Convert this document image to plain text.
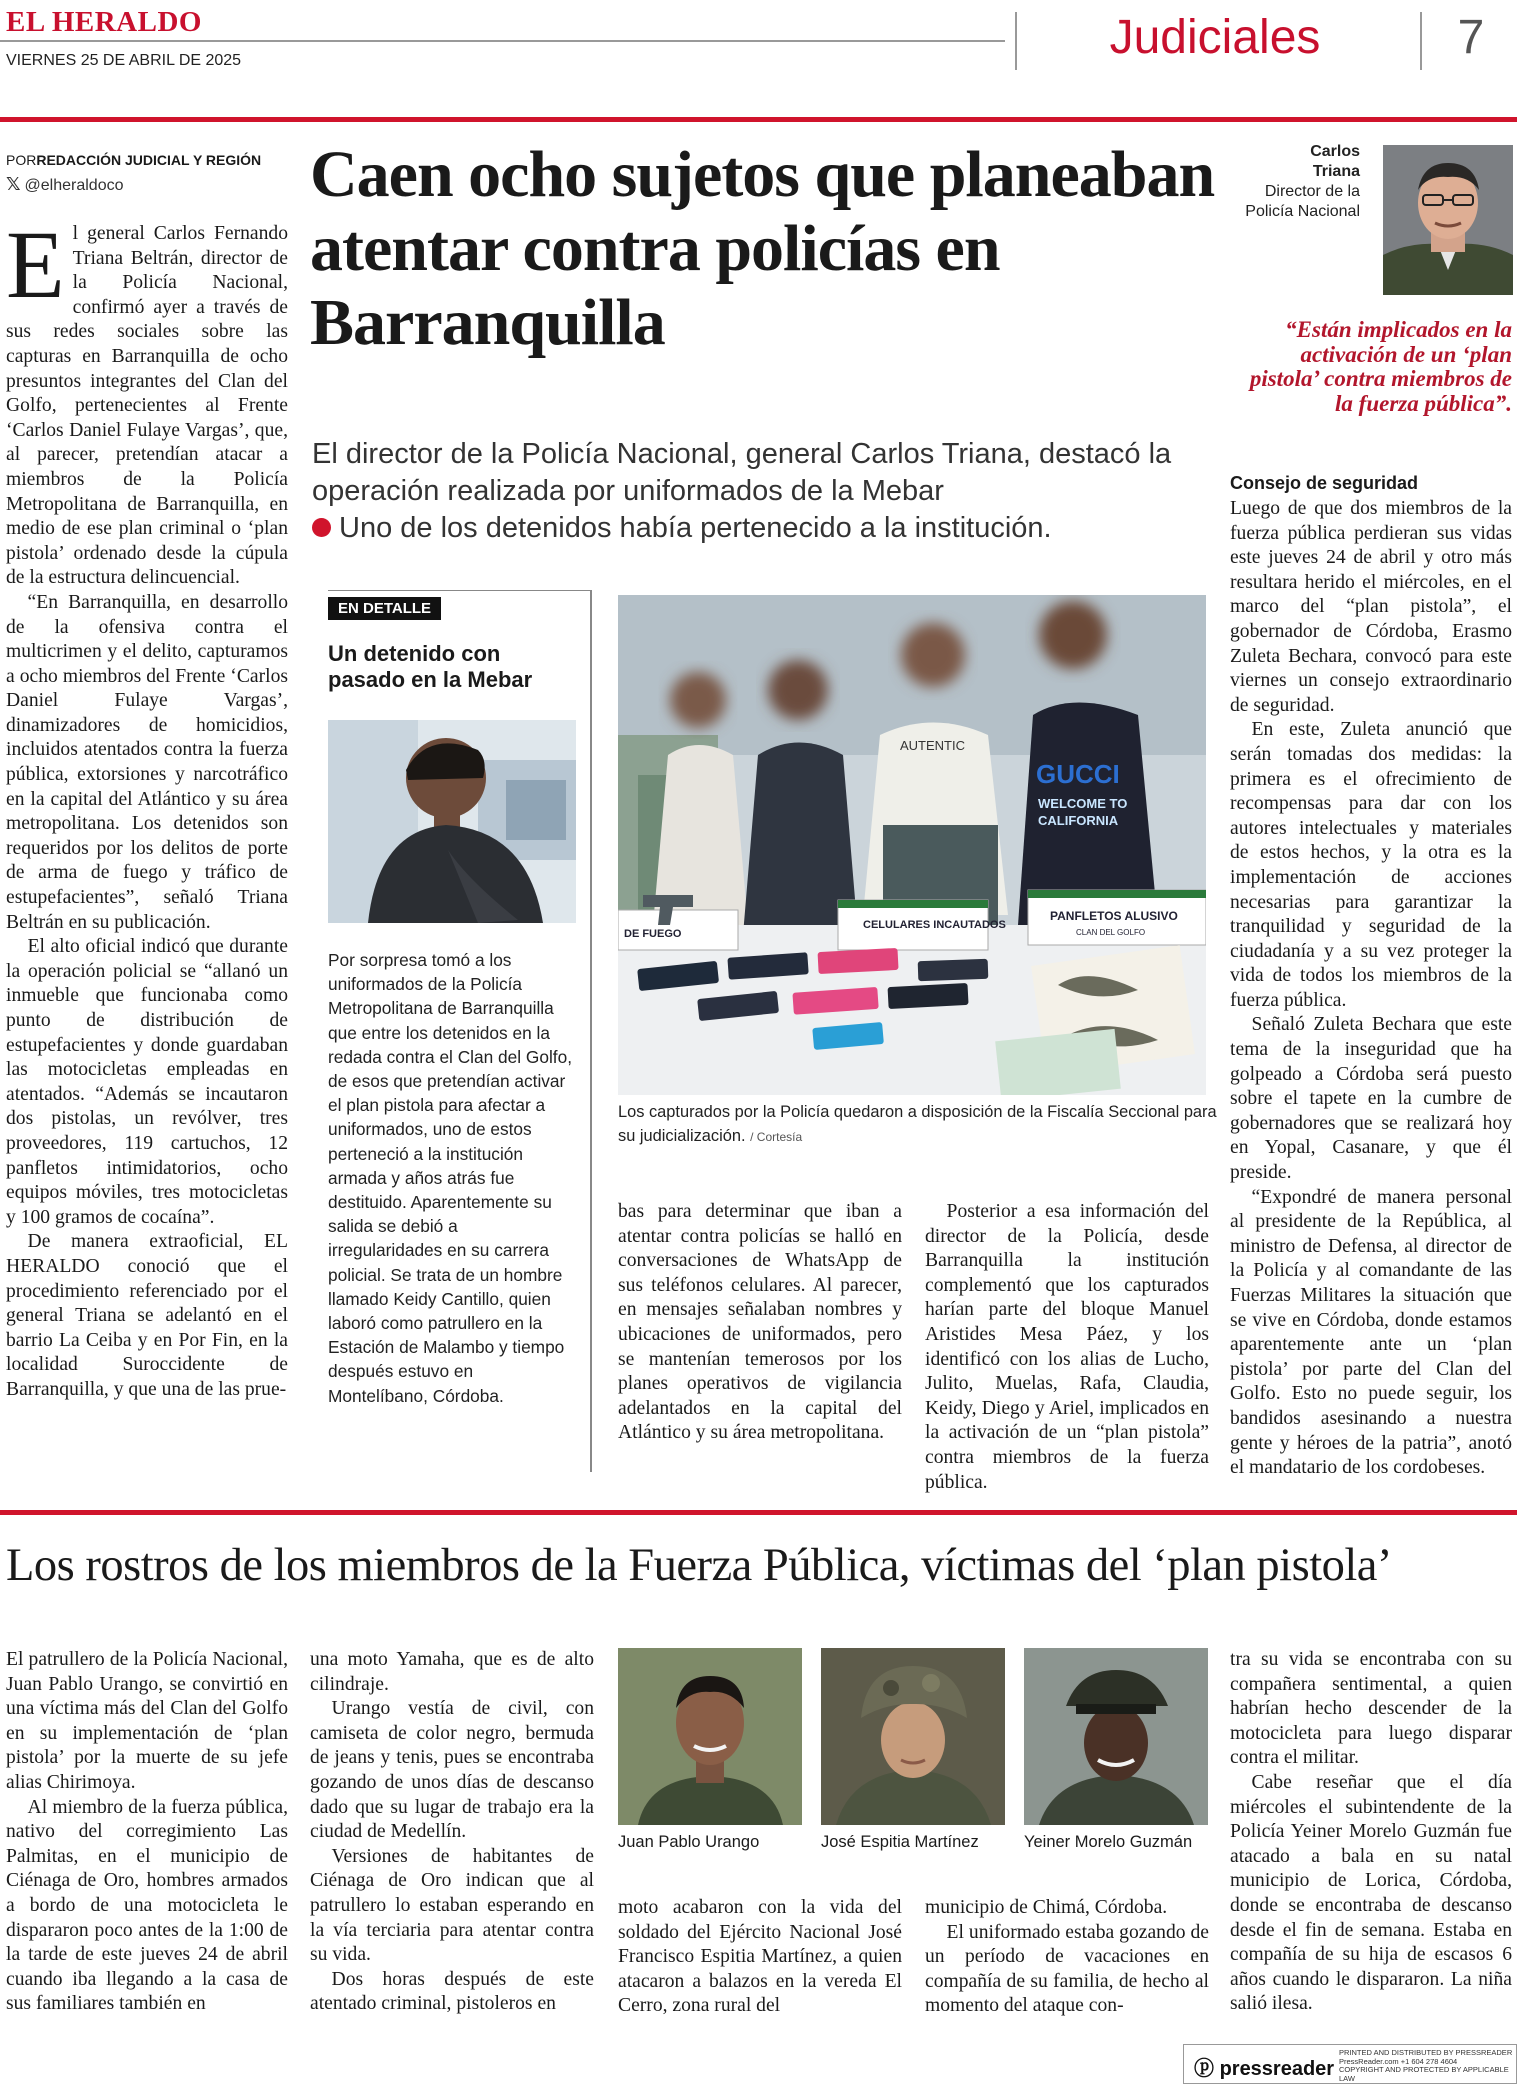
EL HERALDO
VIERNES 25 DE ABRIL DE 2025	Judiciales	7
PORREDACCIÓN JUDICIAL Y REGIÓN
𝕏 @elheraldoco

El general Carlos Fernando Triana Beltrán, director de la Policía Nacional, confirmó ayer a través de sus redes sociales sobre las capturas en Barranquilla de ocho presuntos integrantes del Clan del Golfo, pertenecientes al Frente ‘Carlos Daniel Fulaye Vargas’, que, al parecer, pretendían atacar a miembros de la Policía Metropolitana de Barranquilla, en medio de ese plan criminal o ‘plan pistola’ ordenado desde la cúpula de la estructura delincuencial.

“En Barranquilla, en desarrollo de la ofensiva contra el multicrimen y el delito, capturamos a ocho miembros del Frente ‘Carlos Daniel Fulaye Vargas’, dinamizadores de homicidios, incluidos atentados contra la fuerza pública, extorsiones y narcotráfico en la capital del Atlántico y su área metropolitana. Los detenidos son requeridos por los delitos de porte de arma de fuego y tráfico de estupefacientes”, señaló Triana Beltrán en su publicación.

El alto oficial indicó que durante la operación policial se “allanó un inmueble que funcionaba como punto de distribución de estupefacientes y donde guardaban las motocicletas empleadas en atentados. “Además se incautaron dos pistolas, un revólver, tres proveedores, 119 cartuchos, 12 panfletos intimidatorios, ocho equipos móviles, tres motocicletas y 100 gramos de cocaína”.

De manera extraoficial, EL HERALDO conoció que el procedimiento referenciado por el general Triana se adelantó en el barrio La Ceiba y en Por Fin, en la localidad Suroccidente de Barranquilla, y que una de las prue-

Caen ocho sujetos que planeaban atentar contra policías en Barranquilla
El director de la Policía Nacional, general Carlos Triana, destacó la operación realizada por uniformados de la Mebar
Uno de los detenidos había pertenecido a la institución.
EN DETALLE
Un detenido con pasado en la Mebar
Por sorpresa tomó a los uniformados de la Policía Metropolitana de Barranquilla que entre los detenidos en la redada contra el Clan del Golfo, de esos que pretendían activar el plan pistola para afectar a uniformados, uno de estos perteneció a la institución armada y años atrás fue destituido. Aparentemente su salida se debió a irregularidades en su carrera policial. Se trata de un hombre llamado Keidy Cantillo, quien laboró como patrullero en la Estación de Malambo y tiempo después estuvo en Montelíbano, Córdoba.
AUTENTIC
GUCCI
WELCOME TO
CALIFORNIA
DE FUEGO
CELULARES INCAUTADOS
PANFLETOS ALUSIVO
CLAN DEL GOLFO
Los capturados por la Policía quedaron a disposición de la Fiscalía Seccional para su judicialización. / Cortesía

bas para determinar que iban a atentar contra policías se halló en conversaciones de WhatsApp de sus teléfonos celulares. Al parecer, en mensajes señalaban nombres y ubicaciones de uniformados, pero se mantenían temerosos por los planes operativos de vigilancia adelantados en la capital del Atlántico y su área metropolitana.

Posterior a esa información del director de la Policía, desde Barranquilla la institución complementó que los capturados harían parte del bloque Manuel Aristides Mesa Páez, y los identificó con los alias de Lucho, Julito, Muelas, Rafa, Claudia, Keidy, Diego y Ariel, implicados en la activación de un “plan pistola” contra miembros de la fuerza pública.

Carlos
Triana
Director de la Policía Nacional
“Están implicados en la activación de un ‘plan pistola’ contra miembros de la fuerza pública”.
Consejo de seguridad

Luego de que dos miembros de la fuerza pública perdieran sus vidas este jueves 24 de abril y otro más resultara herido el miércoles, en el marco del “plan pistola”, el gobernador de Córdoba, Erasmo Zuleta Bechara, convocó para este viernes un consejo extraordinario de seguridad.

En este, Zuleta anunció que serán tomadas dos medidas: la primera es el ofrecimiento de recompensas para dar con los autores intelectuales y materiales de estos hechos, y la otra es la implementación de acciones necesarias para garantizar la tranquilidad y seguridad de la ciudadanía y a su vez proteger la vida de todos los miembros de la fuerza pública.

Señaló Zuleta Bechara que este tema de la inseguridad que ha golpeado a Córdoba será puesto sobre el tapete en la cumbre de gobernadores que se realizará hoy en Yopal, Casanare, y que él preside.

“Expondré de manera personal al presidente de la República, al ministro de Defensa, al director de la Policía y al comandante de las Fuerzas Militares la situación que se vive en Córdoba, donde estamos aparentemente ante un ‘plan pistola’ por parte del Clan del Golfo. Esto no puede seguir, los bandidos asesinando a nuestra gente y héroes de la patria”, anotó el mandatario de los cordobeses.

Los rostros de los miembros de la Fuerza Pública, víctimas del ‘plan pistola’

El patrullero de la Policía Nacional, Juan Pablo Urango, se convirtió en una víctima más del Clan del Golfo en su implementación de ‘plan pistola’ por la muerte de su jefe alias Chirimoya.

Al miembro de la fuerza pública, nativo del corregimiento Las Palmitas, en el municipio de Ciénaga de Oro, hombres armados a bordo de una motocicleta le dispararon poco antes de la 1:00 de la tarde de este jueves 24 de abril cuando iba llegando a la casa de sus familiares también en

una moto Yamaha, que es de alto cilindraje.

Urango vestía de civil, con camiseta de color negro, bermuda de jeans y tenis, pues se encontraba gozando de unos días de descanso dado que su lugar de trabajo era la ciudad de Medellín.

Versiones de habitantes de Ciénaga de Oro indican que al patrullero lo estaban esperando en la vía terciaria para atentar contra su vida.

Dos horas después de este atentado criminal, pistoleros en

Juan Pablo Urango	José Espitia Martínez	Yeiner Morelo Guzmán

moto acabaron con la vida del soldado del Ejército Nacional José Francisco Espitia Martínez, a quien atacaron a balazos en la vereda El Cerro, zona rural del

municipio de Chimá, Córdoba.

El uniformado estaba gozando de un período de vacaciones en compañía de su familia, de hecho al momento del ataque con-

tra su vida se encontraba con su compañera sentimental, a quien habrían hecho descender de la motocicleta para luego disparar contra el militar.

Cabe reseñar que el día miércoles el subintendente de la Policía Yeiner Morelo Guzmán fue atacado a bala en su natal municipio de Lorica, Córdoba, donde se encontraba de descanso desde el fin de semana. Estaba en compañía de su hija de escasos 6 años cuando le dispararon. La niña salió ilesa.

ⓟ pressreader
PRINTED AND DISTRIBUTED BY PRESSREADER
PressReader.com +1 604 278 4604
COPYRIGHT AND PROTECTED BY APPLICABLE LAW
